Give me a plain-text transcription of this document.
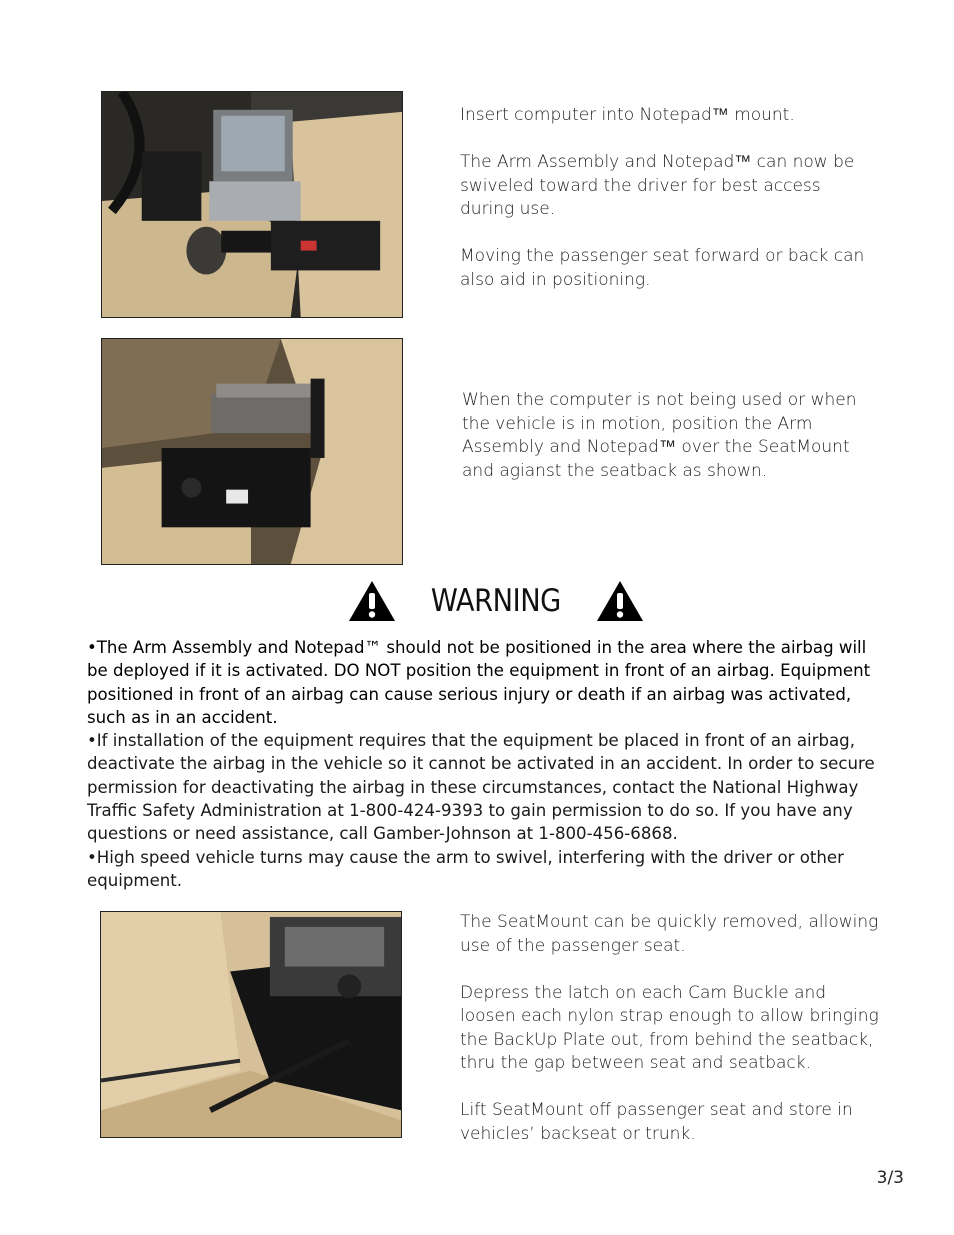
Insert computer into Notepad™ mount.

The Arm Assembly and Notepad™ can now be swiveled toward the driver for best access during use.

Moving the passenger seat forward or back can also aid in positioning.

When the computer is not being used or when the vehicle is in motion, position the Arm Assembly and Notepad™ over the SeatMount and agianst the seatback as shown.

WARNING

•The Arm Assembly and Notepad™ should not be positioned in the area where the airbag will be deployed if it is activated. DO NOT position the equipment in front of an airbag. Equipment positioned in front of an airbag can cause serious injury or death if an airbag was activated, such as in an accident.

•If installation of the equipment requires that the equipment be placed in front of an airbag, deactivate the airbag in the vehicle so it cannot be activated in an accident. In order to secure permission for deactivating the airbag in these circumstances, contact the National Highway Traffic Safety Administration at 1-800-424-9393 to gain permission to do so. If you have any questions or need assistance, call Gamber-Johnson at 1-800-456-6868.

•High speed vehicle turns may cause the arm to swivel, interfering with the driver or other equipment.

The SeatMount can be quickly removed, allowing use of the passenger seat.

Depress the latch on each Cam Buckle and loosen each nylon strap enough to allow bringing the BackUp Plate out, from behind the seatback, thru the gap between seat and seatback.

Lift SeatMount off passenger seat and store in vehicles’ backseat or trunk.

3/3
